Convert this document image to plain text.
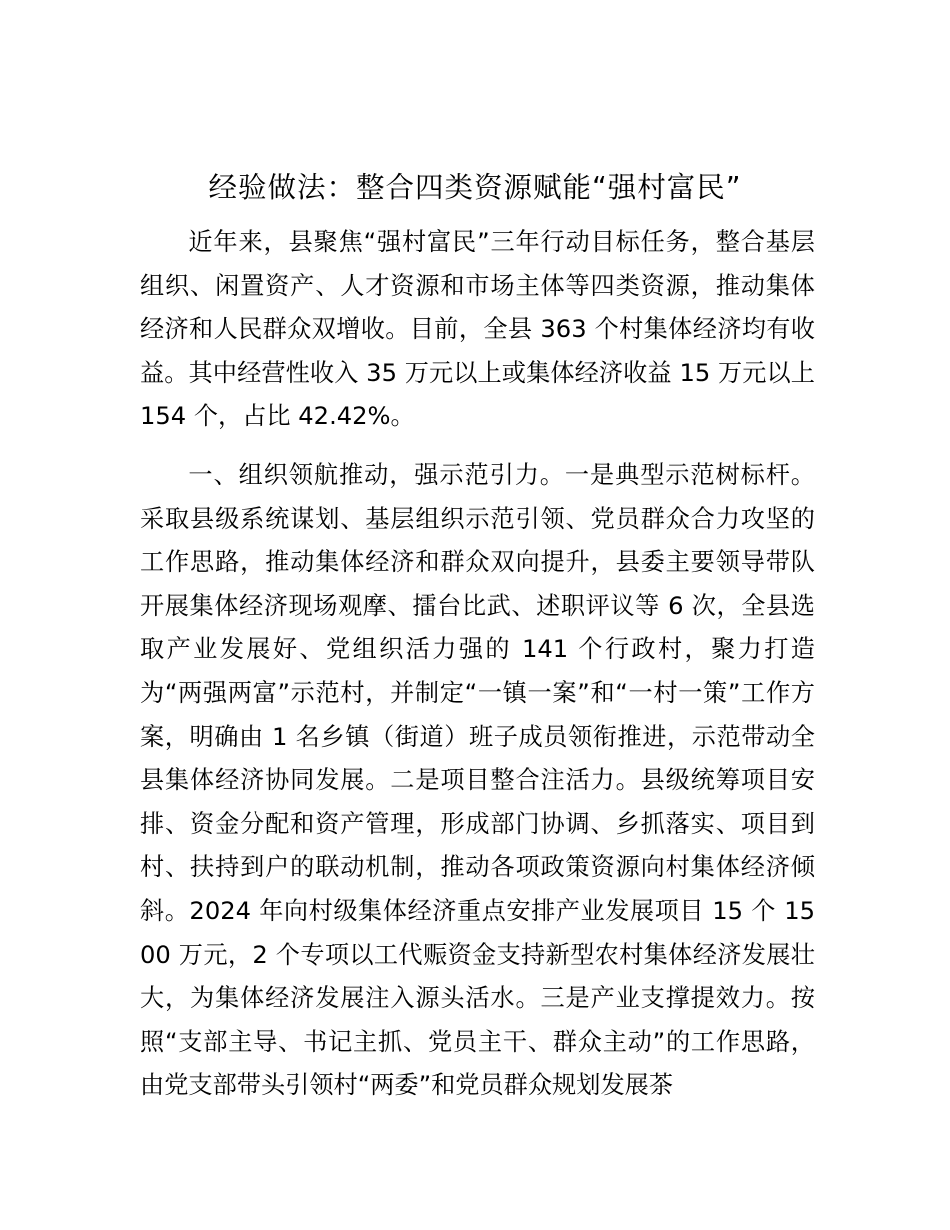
经验做法：整合四类资源赋能“强村富民”

近年来，县聚焦“强村富民”三年行动目标任务，整合基层组织、闲置资产、人才资源和市场主体等四类资源，推动集体经济和人民群众双增收。目前，全县 363 个村集体经济均有收益。其中经营性收入 35 万元以上或集体经济收益 15 万元以上 154 个，占比 42.42%。

一、组织领航推动，强示范引力。一是典型示范树标杆。采取县级系统谋划、基层组织示范引领、党员群众合力攻坚的工作思路，推动集体经济和群众双向提升，县委主要领导带队开展集体经济现场观摩、擂台比武、述职评议等 6 次，全县选取产业发展好、党组织活力强的 141 个行政村，聚力打造为“两强两富”示范村，并制定“一镇一案”和“一村一策”工作方案，明确由 1 名乡镇（街道）班子成员领衔推进，示范带动全县集体经济协同发展。二是项目整合注活力。县级统筹项目安排、资金分配和资产管理，形成部门协调、乡抓落实、项目到村、扶持到户的联动机制，推动各项政策资源向村集体经济倾斜。2024 年向村级集体经济重点安排产业发展项目 15 个 1500 万元，2 个专项以工代赈资金支持新型农村集体经济发展壮大，为集体经济发展注入源头活水。三是产业支撑提效力。按照“支部主导、书记主抓、党员主干、群众主动”的工作思路，由党支部带头引领村“两委”和党员群众规划发展茶
